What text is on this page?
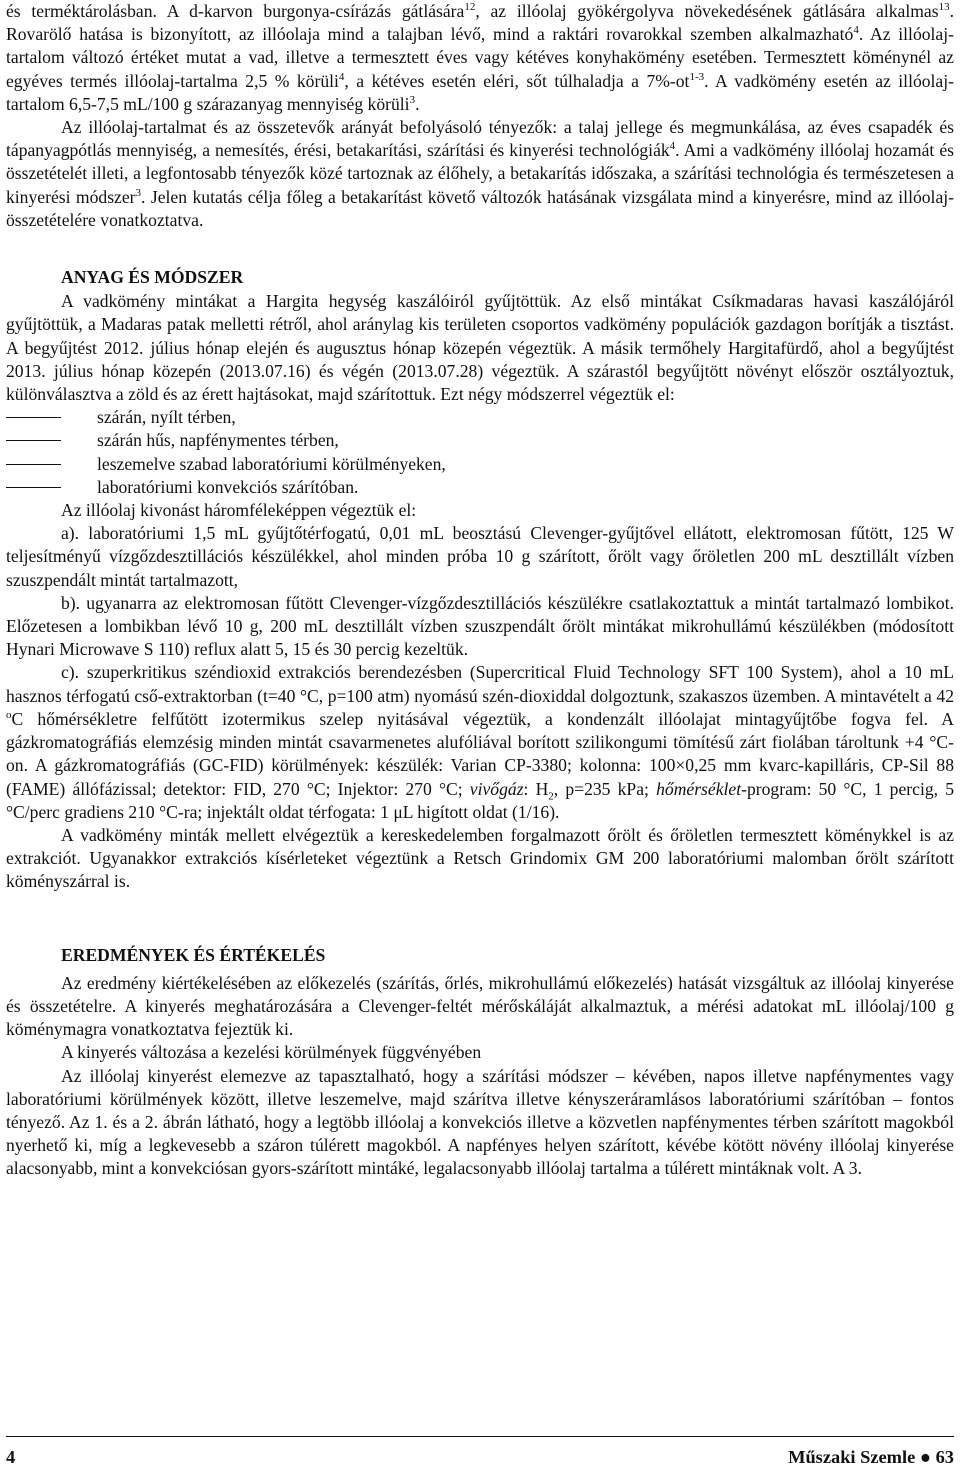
és terméktárolásban. A d-karvon burgonya-csírázás gátlására$^{12}$, az illóolaj gyökérgolyva növekedésének gátlására alkalmas$^{13}$. Rovarölő hatása is bizonyított, az illóolaja mind a talajban lévő, mind a raktári rovarokkal szemben alkalmazható$^4$. Az illóolaj-tartalom változó értéket mutat a vad, illetve a termesztett éves vagy kétéves konyhakömény esetében. Termesztett köménynél az egyéves termés illóolaj-tartalma 2,5 % körüli$^4$, a kétéves esetén eléri, sőt túlhaladja a $7\%-ot^{1-3}$. A vadkömény esetén az illóolaj-tartalom 6,5-7,5 mL/100 g szárazanyag mennyiség körüli$^3$.

Az illóolaj-tartalmat és az összetevők arányát befolyásoló tényezők: a talaj jellege és megmunkálása, az éves csapadék és tápanyagpótlás mennyiség, a nemesítés, érési, betakarítási, szárítási és kinyerési technológiák$^4$. Ami a vadkömény illóolaj hozamát és összetételét illeti, a legfontosabb tényezők közé tartoznak az élőhely, a betakarítás időszaka, a szárítási technológia és természetesen a kinyerési módszer$^3$. Jelen kutatás célja főleg a betakarítást követő változók hatásának vizsgálata mind a kinyerésre, mind az illóolaj-összetételére vonatkoztatva.

ANYAG ÉS MÓDSZER

A vadkömény mintákat a Hargita hegység kaszálóiról gyűjtöttük. Az első mintákat Csíkmadaras havasi kaszálójáról gyűjtöttük, a Madaras patak melletti rétről, ahol aránylag kis területen csoportos vadkömény populációk gazdagon borítják a tisztást. A begyűjtést 2012. július hónap elején és augusztus hónap közepén végeztük. A másik termőhely Hargitafürdő, ahol a begyűjtést 2013. július hónap közepén (2013.07.16) és végén (2013.07.28) végeztük. A szárastól begyűjtött növényt először osztályoztuk, különválasztva a zöld és az érett hajtásokat, majd szárítottuk. Ezt négy módszerrel végeztük el:

szárán, nyílt térben,
szárán hűs, napfénymentes térben,
leszemelve szabad laboratóriumi körülményeken,
laboratóriumi konvekciós szárítóban.

Az illóolaj kivonást háromféleképpen végeztük el:

a). laboratóriumi 1,5 mL gyűjtőtérfogatú, 0,01 mL beosztású Clevenger-gyűjtővel ellátott, elektromosan fűtött, 125 W teljesítményű vízgőzdesztillációs készülékkel, ahol minden próba 10 g szárított, őrölt vagy őröletlen 200 mL desztillált vízben szuszpendált mintát tartalmazott,

b). ugyanarra az elektromosan fűtött Clevenger-vízgőzdesztillációs készülékre csatlakoztattuk a mintát tartalmazó lombikot. Előzetesen a lombikban lévő 10 g, 200 mL desztillált vízben szuszpendált őrölt mintákat mikrohullámú készülékben (módosított Hynari Microwave S 110) reflux alatt 5, 15 és 30 percig kezeltük.

c). szuperkritikus széndioxid extrakciós berendezésben (Supercritical Fluid Technology SFT 100 System), ahol a 10 mL hasznos térfogatú cső-extraktorban (t=40 °C, p=100 atm) nyomású szén-dioxiddal dolgoztunk, szakaszos üzemben. A mintavételt a 42 $^o$C hőmérsékletre felfűtött izotermikus szelep nyitásával végeztük, a kondenzált illóolajat mintagyűjtőbe fogva fel. A gázkromatográfiás elemzésig minden mintát csavarmenetes alufóliával borított szilikongumi tömítésű zárt fiolában tároltunk +4 °C-on. A gázkromatográfiás (GC-FID) körülmények: készülék: Varian CP-3380; kolonna: 100×0,25 mm kvarc-kapilláris, CP-Sil 88 (FAME) állófázissal; detektor: FID, 270 °C; Injektor: 270 °C; vivőgáz: $H_2$, p=235 kPa; hőmérséklet-program: 50 °C, 1 percig, 5 °C/perc gradiens 210 °C-ra; injektált oldat térfogata: 1 μL higított oldat (1/16).

A vadkömény minták mellett elvégeztük a kereskedelemben forgalmazott őrölt és őröletlen termesztett köménykkel is az extrakciót. Ugyanakkor extrakciós kísérleteket végeztünk a Retsch Grindomix GM 200 laboratóriumi malomban őrölt szárított köményszárral is.

EREDMÉNYEK ÉS ÉRTÉKELÉS

Az eredmény kiértékelésében az előkezelés (szárítás, őrlés, mikrohullámú előkezelés) hatását vizsgáltuk az illóolaj kinyerése és összetételre. A kinyerés meghatározására a Clevenger-feltét mérőskáláját alkalmaztuk, a mérési adatokat mL illóolaj/100 g köménymagra vonatkoztatva fejeztük ki.

A kinyerés változása a kezelési körülmények függvényében

Az illóolaj kinyerést elemezve az tapasztalható, hogy a szárítási módszer – kévében, napos illetve napfénymentes vagy laboratóriumi körülmények között, illetve leszemelve, majd szárítva illetve kényszeráramlásos laboratóriumi szárítóban – fontos tényező. Az 1. és a 2. ábrán látható, hogy a legtöbb illóolaj a konvekciós illetve a közvetlen napfénymentes térben szárított magokból nyerhető ki, míg a legkevesebb a száron túlérett magokból. A napfényes helyen szárított, kévébe kötött növény illóolaj kinyerése alacsonyabb, mint a konvekciósan gyors-szárított mintáké, legalacsonyabb illóolaj tartalma a túlérett mintáknak volt. A 3.

4	Műszaki Szemle ● 63
